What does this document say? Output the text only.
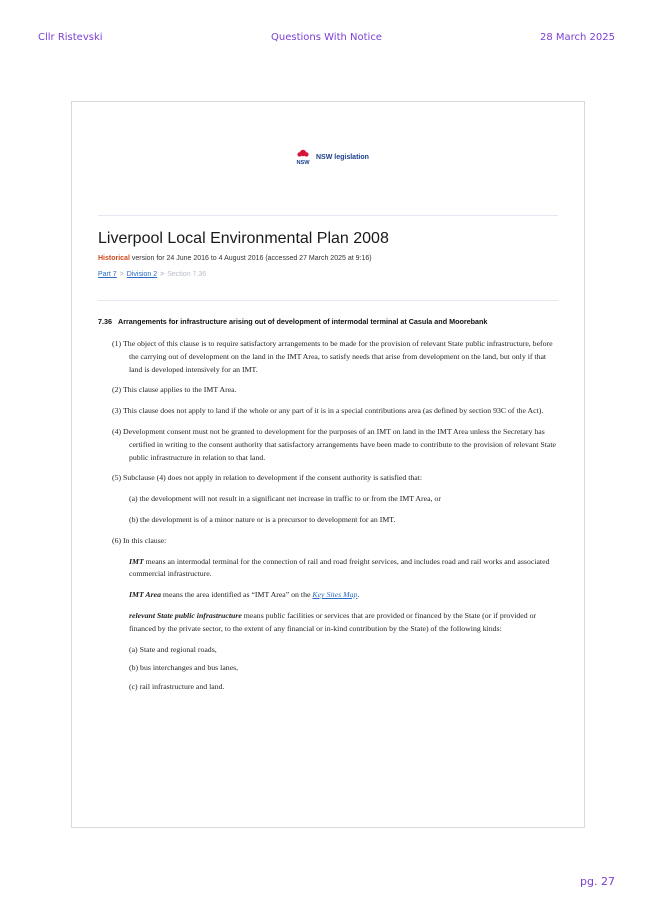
Cllr Ristevski	Questions With Notice	28 March 2025
NSW
NSW legislation
Liverpool Local Environmental Plan 2008
Historical version for 24 June 2016 to 4 August 2016 (accessed 27 March 2025 at 9:16)
Part 7 > Division 2 > Section 7.36
7.36 Arrangements for infrastructure arising out of development of intermodal terminal at Casula and Moorebank

(1) The object of this clause is to require satisfactory arrangements to be made for the provision of relevant State public infrastructure, before the carrying out of development on the land in the IMT Area, to satisfy needs that arise from development on the land, but only if that land is developed intensively for an IMT.

(2) This clause applies to the IMT Area.

(3) This clause does not apply to land if the whole or any part of it is in a special contributions area (as defined by section 93C of the Act).

(4) Development consent must not be granted to development for the purposes of an IMT on land in the IMT Area unless the Secretary has certified in writing to the consent authority that satisfactory arrangements have been made to contribute to the provision of relevant State public infrastructure in relation to that land.

(5) Subclause (4) does not apply in relation to development if the consent authority is satisfied that:

(a) the development will not result in a significant net increase in traffic to or from the IMT Area, or

(b) the development is of a minor nature or is a precursor to development for an IMT.

(6) In this clause:

IMT means an intermodal terminal for the connection of rail and road freight services, and includes road and rail works and associated commercial infrastructure.

IMT Area means the area identified as “IMT Area” on the Key Sites Map.

relevant State public infrastructure means public facilities or services that are provided or financed by the State (or if provided or financed by the private sector, to the extent of any financial or in-kind contribution by the State) of the following kinds:

(a) State and regional roads,

(b) bus interchanges and bus lanes,

(c) rail infrastructure and land.

pg. 27
